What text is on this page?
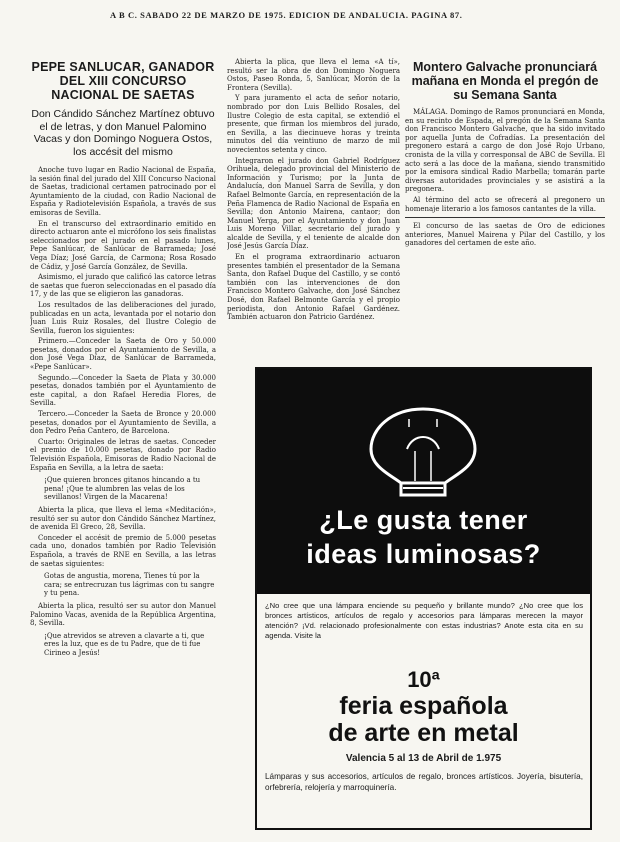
A B C. SABADO 22 DE MARZO DE 1975. EDICION DE ANDALUCIA. PAGINA 87.
PEPE SANLUCAR, GANADOR DEL XIII CONCURSO NACIONAL DE SAETAS
Don Cándido Sánchez Martínez obtuvo el de letras, y don Manuel Palomino Vacas y don Domingo Noguera Ostos, los accésit del mismo

Anoche tuvo lugar en Radio Nacional de España, la sesión final del jurado del XIII Concurso Nacional de Saetas, tradicional certamen patrocinado por el Ayuntamiento de la ciudad, con Radio Nacional de España y Radiotelevisión Española, a través de sus emisoras de Sevilla.

En el transcurso del extraordinario emitido en directo actuaron ante el micrófono los seis finalistas seleccionados por el jurado en el pasado lunes, Pepe Sanlúcar, de Sanlúcar de Barrameda; José Vega Díaz; José García, de Carmona; Rosa Rosado de Cádiz, y José García González, de Sevilla.

Asimismo, el jurado que calificó las catorce letras de saetas que fueron seleccionadas en el pasado día 17, y de las que se eligieron las ganadoras.

Los resultados de las deliberaciones del jurado, publicadas en un acta, levantada por el notario don Juan Luis Ruiz Rosales, del Ilustre Colegio de Sevilla, fueron los siguientes:

Primero.—Conceder la Saeta de Oro y 50.000 pesetas, donados por el Ayuntamiento de Sevilla, a don José Vega Díaz, de Sanlúcar de Barrameda, «Pepe Sanlúcar».

Segundo.—Conceder la Saeta de Plata y 30.000 pesetas, donados también por el Ayuntamiento de este capital, a don Rafael Heredia Flores, de Sevilla.

Tercero.—Conceder la Saeta de Bronce y 20.000 pesetas, donados por el Ayuntamiento de Sevilla, a don Pedro Peña Cantero, de Barcelona.

Cuarto: Originales de letras de saetas. Conceder el premio de 10.000 pesetas, donado por Radio Televisión Española, Emisoras de Radio Nacional de España en Sevilla, a la letra de saeta:

¡Que quieren bronces gitanos hincando a tu pena! ¡Que te alumbren las velas de los sevillanos! Virgen de la Macarena!

Abierta la plica, que lleva el lema «Meditación», resultó ser su autor don Cándido Sánchez Martínez, de avenida El Greco, 28, Sevilla.

Conceder el accésit de premio de 5.000 pesetas cada uno, donados también por Radio Televisión Española, a través de RNE en Sevilla, a las letras de saetas siguientes:

Gotas de angustia, morena, Tienes tú por la cara; se entrecruzan tus lágrimas con tu sangre y tu pena.

Abierta la plica, resultó ser su autor don Manuel Palomino Vacas, avenida de la República Argentina, 8, Sevilla.

¡Que atrevidos se atreven a clavarte a ti, que eres la luz, que es de tu Padre, que de ti fue Cirineo a Jesús!

Abierta la plica, que lleva el lema «A tí», resultó ser la obra de don Domingo Noguera Ostos, Paseo Ronda, 5, Sanlúcar, Morón de la Frontera (Sevilla).

Y para juramento el acta de señor notario, nombrado por don Luis Bellido Rosales, del Ilustre Colegio de esta capital, se extendió el presente, que firman los miembros del jurado, en Sevilla, a las diecinueve horas y treinta minutos del día veintiuno de marzo de mil novecientos setenta y cinco.

Integraron el jurado don Gabriel Rodríguez Orihuela, delegado provincial del Ministerio de Información y Turismo; por la Junta de Andalucía, don Manuel Sarra de Sevilla, y don Rafael Belmonte García, en representación de la Peña Flamenca de Radio Nacional de España en Sevilla; don Antonio Mairena, cantaor; don Manuel Yerga, por el Ayuntamiento y don Juan Luis Moreno Villar, secretario del jurado y alcalde de Sevilla, y el teniente de alcalde don José Jesús García Díaz.

En el programa extraordinario actuaron presentes también el presentador de la Semana Santa, don Rafael Duque del Castillo, y se contó también con las intervenciones de don Francisco Montero Galvache, don José Sánchez Dosé, don Rafael Belmonte García y el propio periodista, don Antonio Rafael Gardénez. También actuaron don Patricio Gardénez.

Montero Galvache pronunciará mañana en Monda el pregón de su Semana Santa

MÁLAGA. Domingo de Ramos pronunciará en Monda, en su recinto de Espada, el pregón de la Semana Santa don Francisco Montero Galvache, que ha sido invitado por aquella Junta de Cofradías. La presentación del pregonero estará a cargo de don José Rojo Urbano, cronista de la villa y corresponsal de ABC de Sevilla. El acto será a las doce de la mañana, siendo transmitido por la emisora sindical Radio Marbella; tomarán parte diversas autoridades provinciales y se asistirá a la pregonera.

Al término del acto se ofrecerá al pregonero un homenaje literario a los famosos cantantes de la villa.

El concurso de las saetas de Oro de ediciones anteriores, Manuel Mairena y Pilar del Castillo, y los ganadores del certamen de este año.

¿Le gusta tener
ideas luminosas?
¿No cree que una lámpara enciende su pequeño y brillante mundo? ¿No cree que los bronces artísticos, artículos de regalo y accesorios para lámparas merecen la mayor atención? ¡Vd. relacionado profesionalmente con estas industrias? Anote esta cita en su agenda. Visite la
10ª
feria española
de arte en metal
Valencia 5 al 13 de Abril de 1.975
Lámparas y sus accesorios, artículos de regalo, bronces artísticos. Joyería, bisutería, orfebrería, relojería y marroquinería.
